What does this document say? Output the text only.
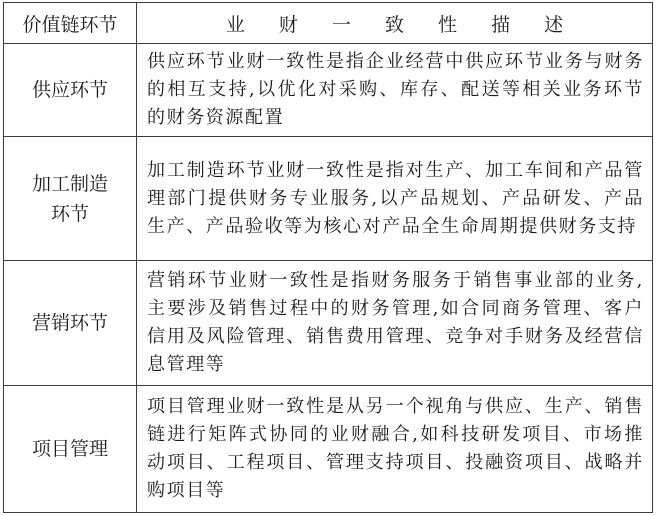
价值链环节	业 财 一 致 性 描 述
供应环节	供应环节业财一致性是指企业经营中供应环节业务与财务的相互支持,以优化对采购、库存、配送等相关业务环节的财务资源配置
加工制造环节	加工制造环节业财一致性是指对生产、加工车间和产品管理部门提供财务专业服务,以产品规划、产品研发、产品生产、产品验收等为核心对产品全生命周期提供财务支持
营销环节	营销环节业财一致性是指财务服务于销售事业部的业务,主要涉及销售过程中的财务管理,如合同商务管理、客户信用及风险管理、销售费用管理、竞争对手财务及经营信息管理等
项目管理	项目管理业财一致性是从另一个视角与供应、生产、销售链进行矩阵式协同的业财融合,如科技研发项目、市场推动项目、工程项目、管理支持项目、投融资项目、战略并购项目等
